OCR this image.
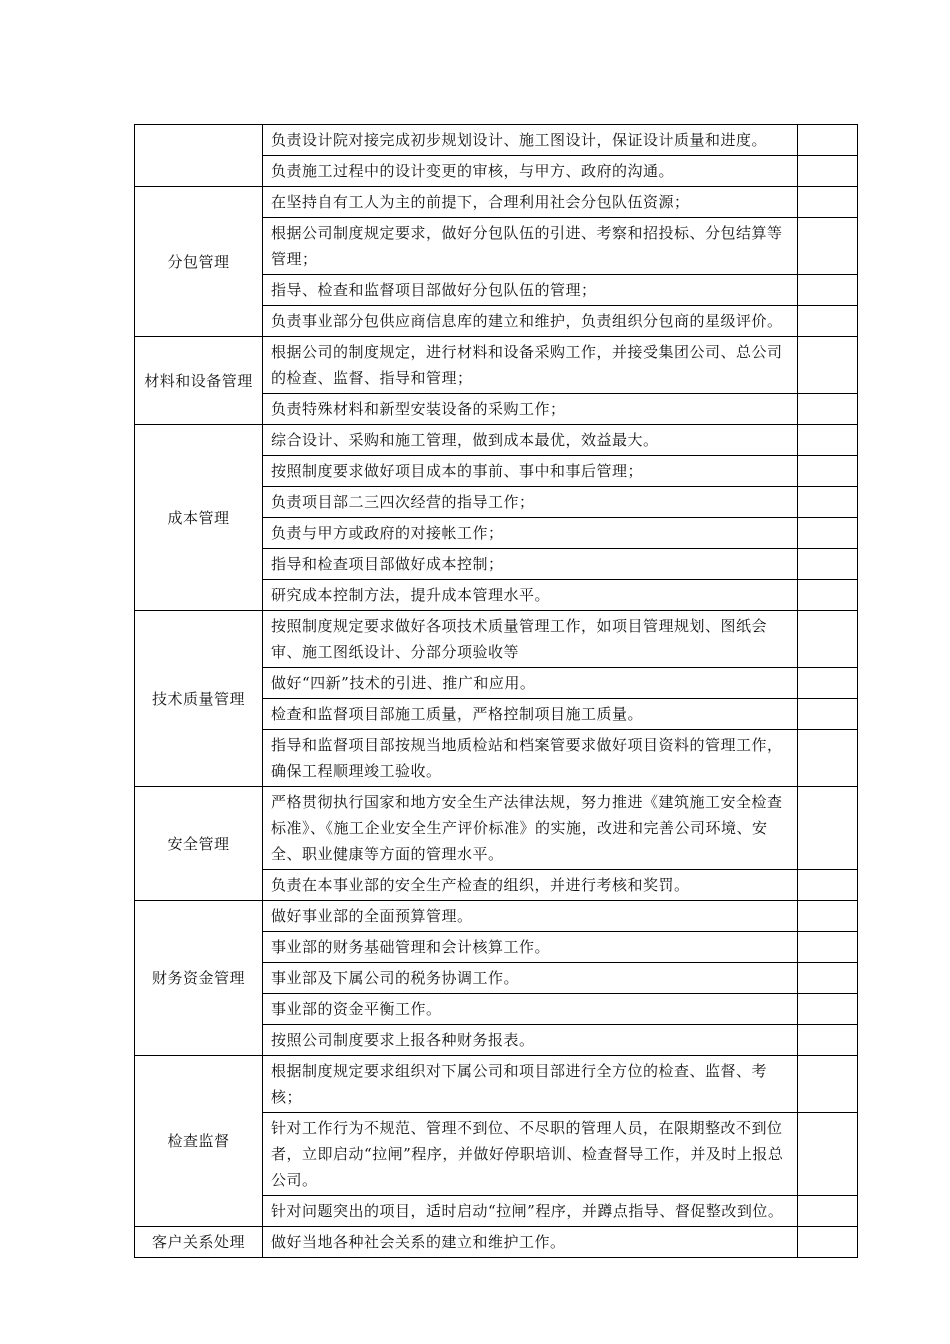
	负责设计院对接完成初步规划设计、施工图设计，保证设计质量和进度。	
	负责施工过程中的设计变更的审核，与甲方、政府的沟通。	
分包管理	在坚持自有工人为主的前提下，合理利用社会分包队伍资源；	
	根据公司制度规定要求，做好分包队伍的引进、考察和招投标、分包结算等管理；	
	指导、检查和监督项目部做好分包队伍的管理；	
	负责事业部分包供应商信息库的建立和维护，负责组织分包商的星级评价。	
材料和设备管理	根据公司的制度规定，进行材料和设备采购工作，并接受集团公司、总公司的检查、监督、指导和管理；	
	负责特殊材料和新型安装设备的采购工作；	
成本管理	综合设计、采购和施工管理，做到成本最优，效益最大。	
	按照制度要求做好项目成本的事前、事中和事后管理；	
	负责项目部二三四次经营的指导工作；	
	负责与甲方或政府的对接帐工作；	
	指导和检查项目部做好成本控制；	
	研究成本控制方法，提升成本管理水平。	
技术质量管理	按照制度规定要求做好各项技术质量管理工作，如项目管理规划、图纸会审、施工图纸设计、分部分项验收等	
	做好“四新”技术的引进、推广和应用。	
	检查和监督项目部施工质量，严格控制项目施工质量。	
	指导和监督项目部按规当地质检站和档案管要求做好项目资料的管理工作，确保工程顺理竣工验收。	
安全管理	严格贯彻执行国家和地方安全生产法律法规，努力推进《建筑施工安全检查标准》、《施工企业安全生产评价标准》的实施，改进和完善公司环境、安全、职业健康等方面的管理水平。	
	负责在本事业部的安全生产检查的组织，并进行考核和奖罚。	
财务资金管理	做好事业部的全面预算管理。	
	事业部的财务基础管理和会计核算工作。	
	事业部及下属公司的税务协调工作。	
	事业部的资金平衡工作。	
	按照公司制度要求上报各种财务报表。	
检查监督	根据制度规定要求组织对下属公司和项目部进行全方位的检查、监督、考核；	
	针对工作行为不规范、管理不到位、不尽职的管理人员，在限期整改不到位者，立即启动“拉闸”程序，并做好停职培训、检查督导工作，并及时上报总公司。	
	针对问题突出的项目，适时启动“拉闸”程序，并蹲点指导、督促整改到位。	
客户关系处理	做好当地各种社会关系的建立和维护工作。	
